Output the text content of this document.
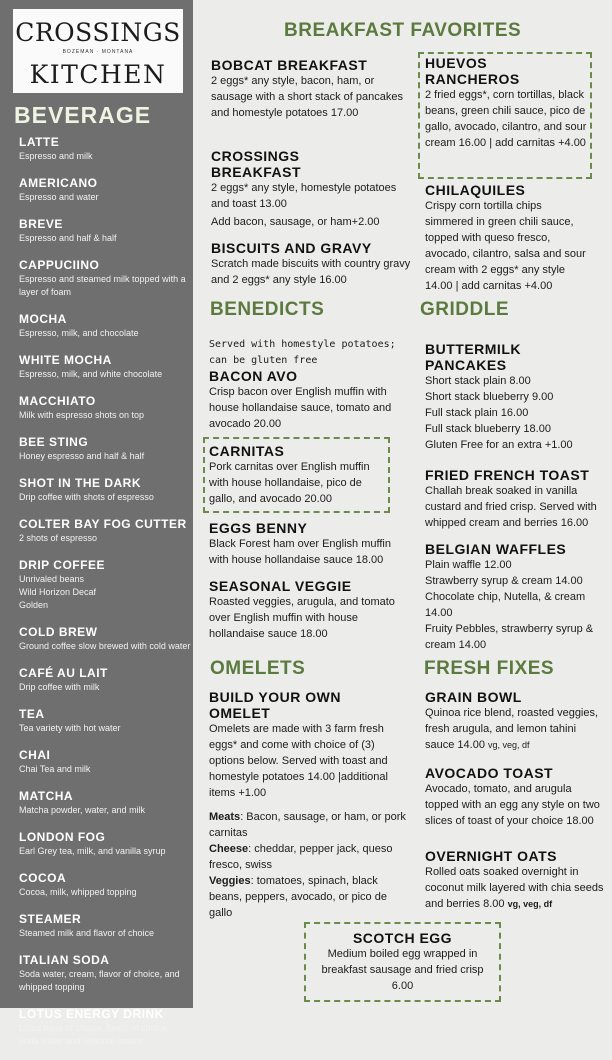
CROSSINGS
BOZEMAN · MONTANA
KITCHEN
BEVERAGE
LATTE
Espresso and milk
AMERICANO
Espresso and water
BREVE
Espresso and half & half
CAPPUCIINO
Espresso and steamed milk topped with a layer of foam
MOCHA
Espresso, milk, and chocolate
WHITE MOCHA
Espresso, milk, and white chocolate
MACCHIATO
Milk with espresso shots on top
BEE STING
Honey espresso and half & half
SHOT IN THE DARK
Drip coffee with shots of espresso
COLTER BAY FOG CUTTER
2 shots of espresso
DRIP COFFEE
Unrivaled beans
Wild Horizon Decaf
Golden
COLD BREW
Ground coffee slow brewed with cold water
CAFÉ AU LAIT
Drip coffee with milk
TEA
Tea variety with hot water
CHAI
Chai Tea and milk
MATCHA
Matcha powder, water, and milk
LONDON FOG
Earl Grey tea, milk, and vanilla syrup
COCOA
Cocoa, milk, whipped topping
STEAMER
Steamed milk and flavor of choice
ITALIAN SODA
Soda water, cream, flavor of choice, and whipped topping
LOTUS ENERGY DRINK
Lotus base of choice, flavor of choice, soda water and optional cream
BREAKFAST FAVORITES
BOBCAT BREAKFAST
2 eggs* any style, bacon, ham, or sausage with a short stack of pancakes and homestyle potatoes 17.00
CROSSINGS BREAKFAST
2 eggs* any style, homestyle potatoes and toast 13.00
Add bacon, sausage, or ham+2.00
BISCUITS AND GRAVY
Scratch made biscuits with country gravy and 2 eggs* any style 16.00
HUEVOS RANCHEROS
2 fried eggs*, corn tortillas, black beans, green chili sauce, pico de gallo, avocado, cilantro, and sour cream 16.00 | add carnitas +4.00
CHILAQUILES
Crispy corn tortilla chips simmered in green chili sauce, topped with queso fresco, avocado, cilantro, salsa and sour cream with 2 eggs* any style 14.00 | add carnitas +4.00
BENEDICTS
Served with homestyle potatoes; can be gluten free
BACON AVO
Crisp bacon over English muffin with house hollandaise sauce, tomato and avocado 20.00
CARNITAS
Pork carnitas over English muffin with house hollandaise, pico de gallo, and avocado 20.00
EGGS BENNY
Black Forest ham over English muffin with house hollandaise sauce 18.00
SEASONAL VEGGIE
Roasted veggies, arugula, and tomato over English muffin with house hollandaise sauce 18.00
GRIDDLE
BUTTERMILK PANCAKES
Short stack plain 8.00
Short stack blueberry 9.00
Full stack plain 16.00
Full stack blueberry 18.00
Gluten Free for an extra +1.00
FRIED FRENCH TOAST
Challah break soaked in vanilla custard and fried crisp. Served with whipped cream and berries 16.00
BELGIAN WAFFLES
Plain waffle 12.00
Strawberry syrup & cream 14.00
Chocolate chip, Nutella, & cream 14.00
Fruity Pebbles, strawberry syrup & cream 14.00
OMELETS
BUILD YOUR OWN OMELET
Omelets are made with 3 farm fresh eggs* and come with choice of (3) options below. Served with toast and homestyle potatoes 14.00 |additional items +1.00
Meats: Bacon, sausage, or ham, or pork carnitas
Cheese: cheddar, pepper jack, queso fresco, swiss
Veggies: tomatoes, spinach, black beans, peppers, avocado, or pico de gallo
FRESH FIXES
GRAIN BOWL
Quinoa rice blend, roasted veggies, fresh arugula, and lemon tahini sauce 14.00 vg, veg, df
AVOCADO TOAST
Avocado, tomato, and arugula topped with an egg any style on two slices of toast of your choice 18.00
OVERNIGHT OATS
Rolled oats soaked overnight in coconut milk layered with chia seeds and berries 8.00 vg, veg, df
SCOTCH EGG
Medium boiled egg wrapped in breakfast sausage and fried crisp 6.00
